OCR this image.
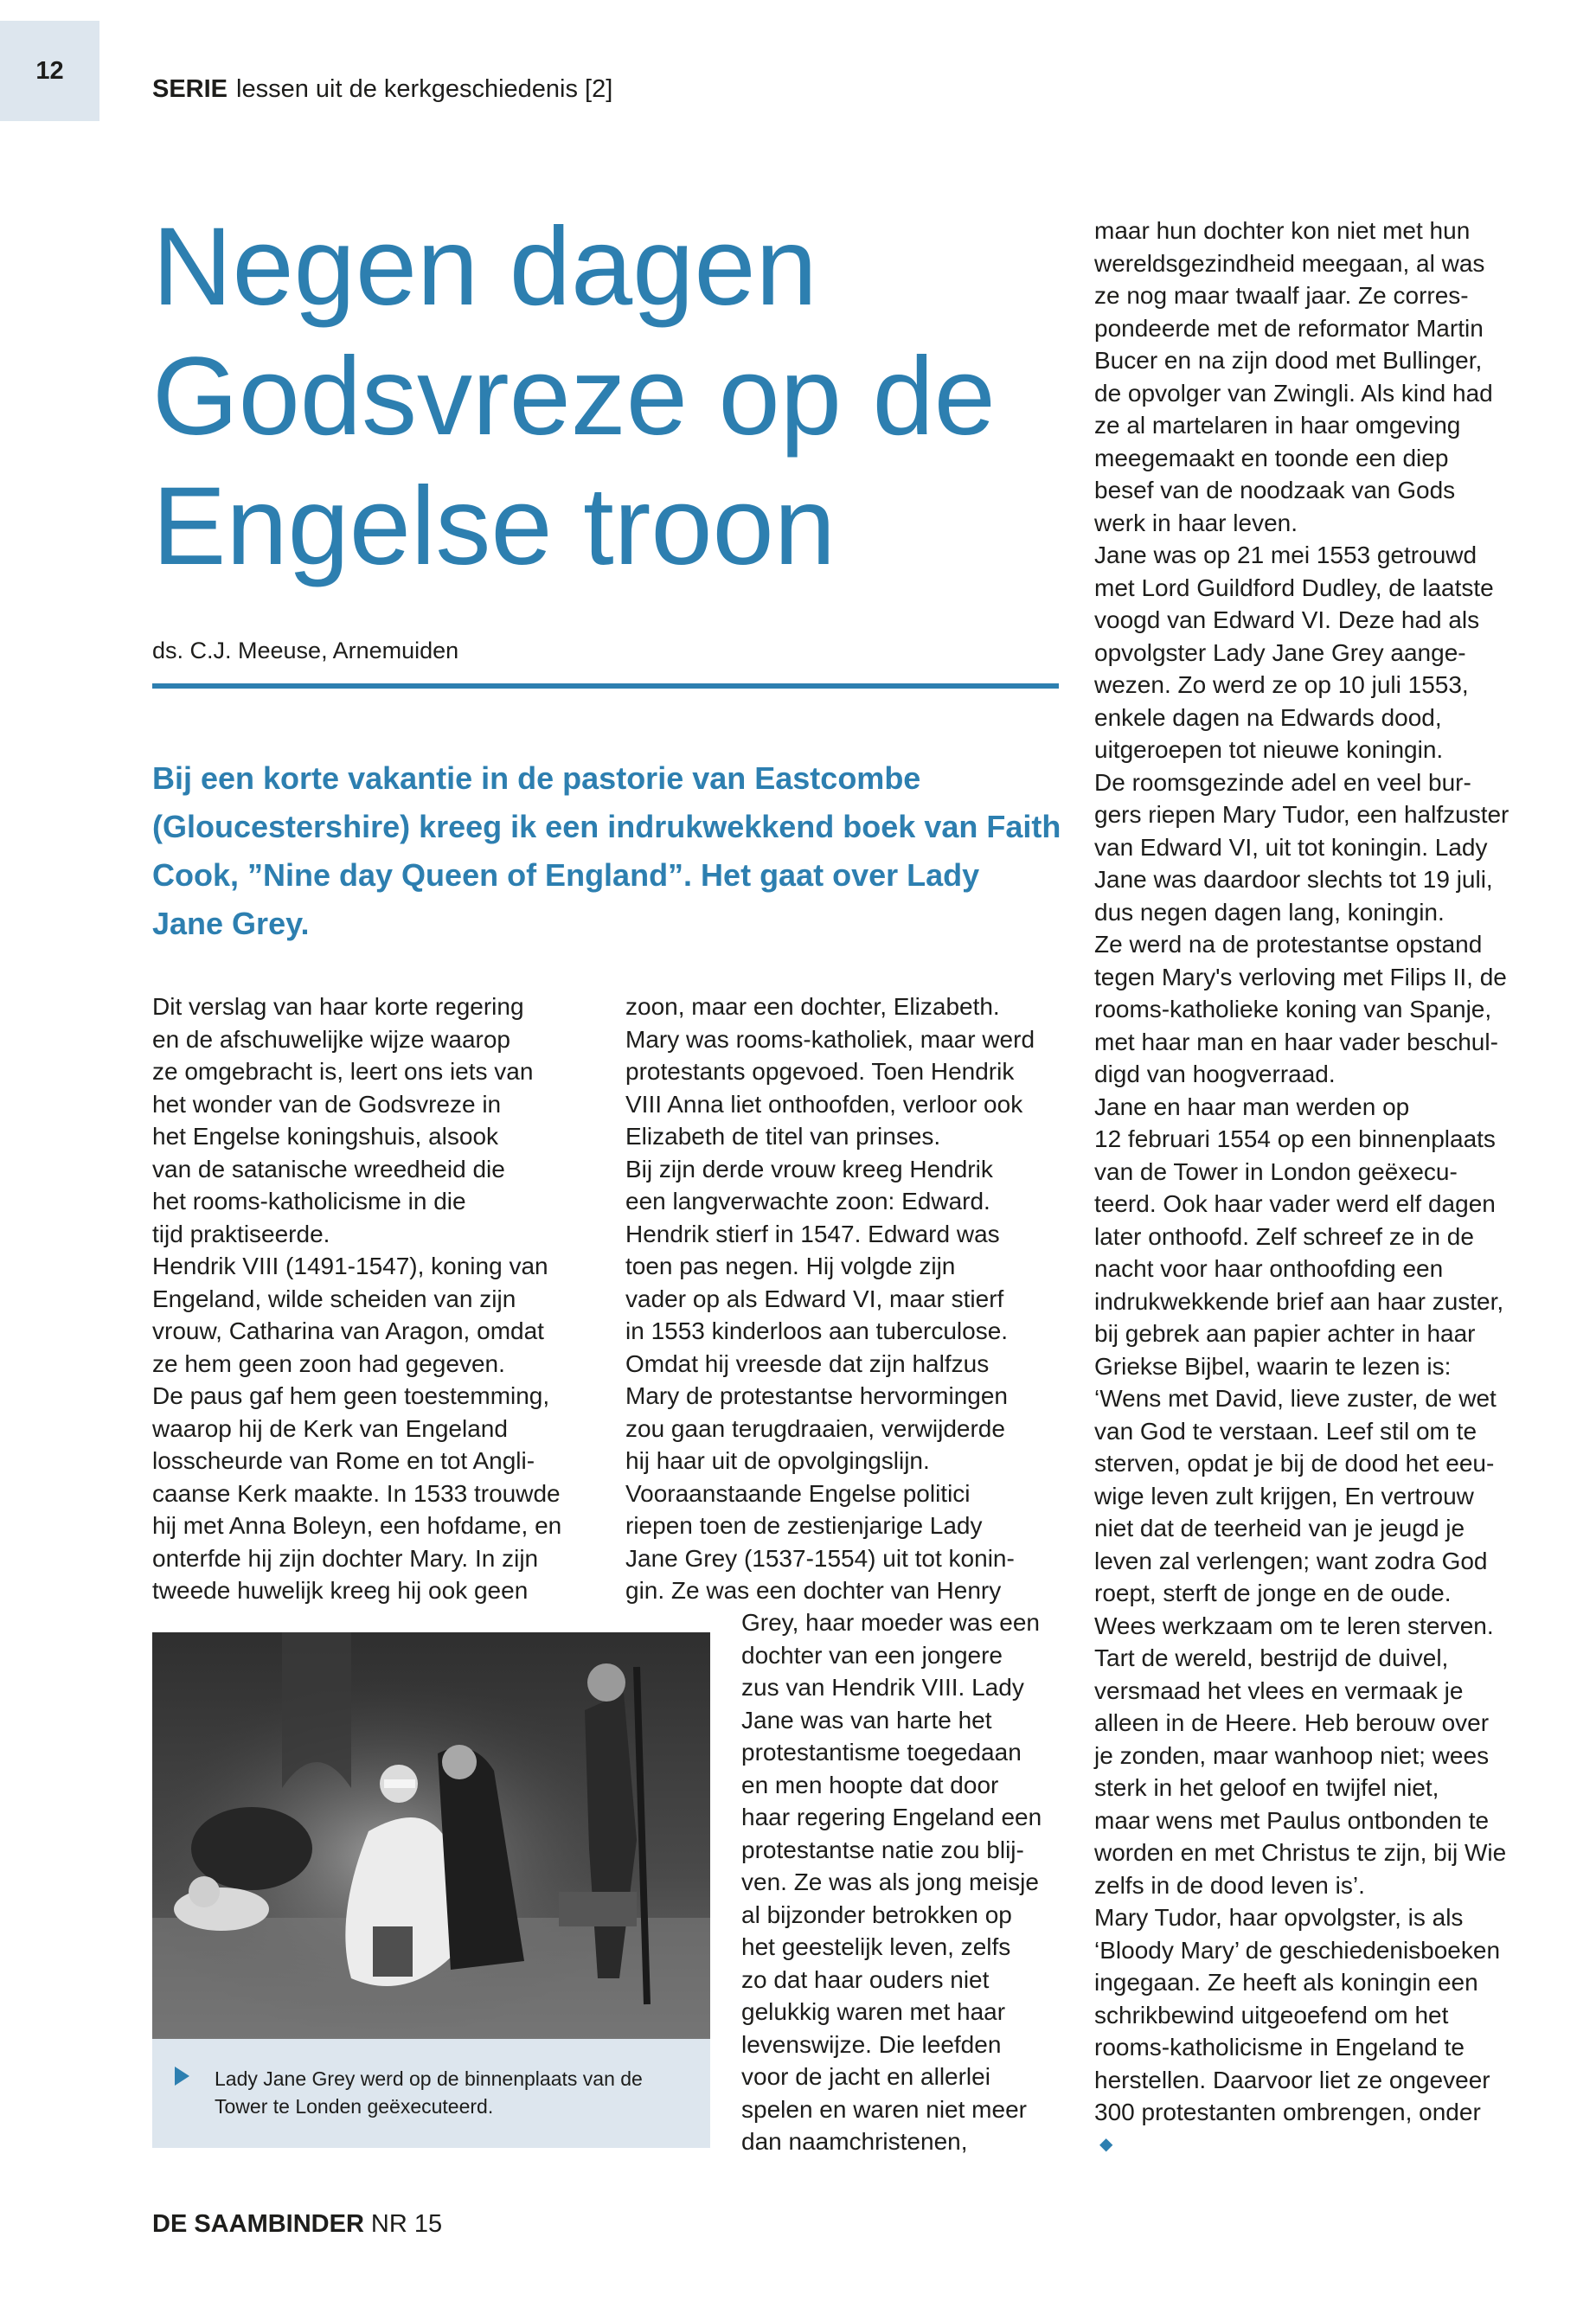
12
SERIE lessen uit de kerkgeschiedenis [2]
Negen dagen
Godsvreze op de
Engelse troon
ds. C.J. Meeuse, Arnemuiden
Bij een korte vakantie in de pastorie van Eastcombe
(Gloucestershire) kreeg ik een indrukwekkend boek van Faith
Cook, ”Nine day Queen of England”. Het gaat over Lady
Jane Grey.
Dit verslag van haar korte regering
en de afschuwelijke wijze waarop
ze omgebracht is, leert ons iets van
het wonder van de Godsvreze in
het Engelse koningshuis, alsook
van de satanische wreedheid die
het rooms-katholicisme in die
tijd praktiseerde.
Hendrik VIII (1491-1547), koning van
Engeland, wilde scheiden van zijn
vrouw, Catharina van Aragon, omdat
ze hem geen zoon had gegeven.
De paus gaf hem geen toestemming,
waarop hij de Kerk van Engeland
losscheurde van Rome en tot Angli-
caanse Kerk maakte. In 1533 trouwde
hij met Anna Boleyn, een hofdame, en
onterfde hij zijn dochter Mary. In zijn
tweede huwelijk kreeg hij ook geen
zoon, maar een dochter, Elizabeth.
Mary was rooms-katholiek, maar werd
protestants opgevoed. Toen Hendrik
VIII Anna liet onthoofden, verloor ook
Elizabeth de titel van prinses.
Bij zijn derde vrouw kreeg Hendrik
een langverwachte zoon: Edward.
Hendrik stierf in 1547. Edward was
toen pas negen. Hij volgde zijn
vader op als Edward VI, maar stierf
in 1553 kinderloos aan tuberculose.
Omdat hij vreesde dat zijn halfzus
Mary de protestantse hervormingen
zou gaan terugdraaien, verwijderde
hij haar uit de opvolgingslijn.
Vooraanstaande Engelse politici
riepen toen de zestienjarige Lady
Jane Grey (1537-1554) uit tot konin-
gin. Ze was een dochter van Henry
Grey, haar moeder was een
dochter van een jongere
zus van Hendrik VIII. Lady
Jane was van harte het
protestantisme toegedaan
en men hoopte dat door
haar regering Engeland een
protestantse natie zou blij-
ven. Ze was als jong meisje
al bijzonder betrokken op
het geestelijk leven, zelfs
zo dat haar ouders niet
gelukkig waren met haar
levenswijze. Die leefden
voor de jacht en allerlei
spelen en waren niet meer
dan naamchristenen,
maar hun dochter kon niet met hun
wereldsgezindheid meegaan, al was
ze nog maar twaalf jaar. Ze corres-
pondeerde met de reformator Martin
Bucer en na zijn dood met Bullinger,
de opvolger van Zwingli. Als kind had
ze al martelaren in haar omgeving
meegemaakt en toonde een diep
besef van de noodzaak van Gods
werk in haar leven.
Jane was op 21 mei 1553 getrouwd
met Lord Guildford Dudley, de laatste
voogd van Edward VI. Deze had als
opvolgster Lady Jane Grey aange-
wezen. Zo werd ze op 10 juli 1553,
enkele dagen na Edwards dood,
uitgeroepen tot nieuwe koningin.
De roomsgezinde adel en veel bur-
gers riepen Mary Tudor, een halfzuster
van Edward VI, uit tot koningin. Lady
Jane was daardoor slechts tot 19 juli,
dus negen dagen lang, koningin.
Ze werd na de protestantse opstand
tegen Mary's verloving met Filips II, de
rooms-katholieke koning van Spanje,
met haar man en haar vader beschul-
digd van hoogverraad.
Jane en haar man werden op
12 februari 1554 op een binnenplaats
van de Tower in London geëxecu-
teerd. Ook haar vader werd elf dagen
later onthoofd. Zelf schreef ze in de
nacht voor haar onthoofding een
indrukwekkende brief aan haar zuster,
bij gebrek aan papier achter in haar
Griekse Bijbel, waarin te lezen is:
‘Wens met David, lieve zuster, de wet
van God te verstaan. Leef stil om te
sterven, opdat je bij de dood het eeu-
wige leven zult krijgen, En vertrouw
niet dat de teerheid van je jeugd je
leven zal verlengen; want zodra God
roept, sterft de jonge en de oude.
Wees werkzaam om te leren sterven.
Tart de wereld, bestrijd de duivel,
versmaad het vlees en vermaak je
alleen in de Heere. Heb berouw over
je zonden, maar wanhoop niet; wees
sterk in het geloof en twijfel niet,
maar wens met Paulus ontbonden te
worden en met Christus te zijn, bij Wie
zelfs in de dood leven is’.
Mary Tudor, haar opvolgster, is als
‘Bloody Mary’ de geschiedenisboeken
ingegaan. Ze heeft als koningin een
schrikbewind uitgeoefend om het
rooms-katholicisme in Engeland te
herstellen. Daarvoor liet ze ongeveer
300 protestanten ombrengen, onder
◆
Lady Jane Grey werd op de binnenplaats van de
Tower te Londen geëxecuteerd.
DE SAAMBINDER NR 15
